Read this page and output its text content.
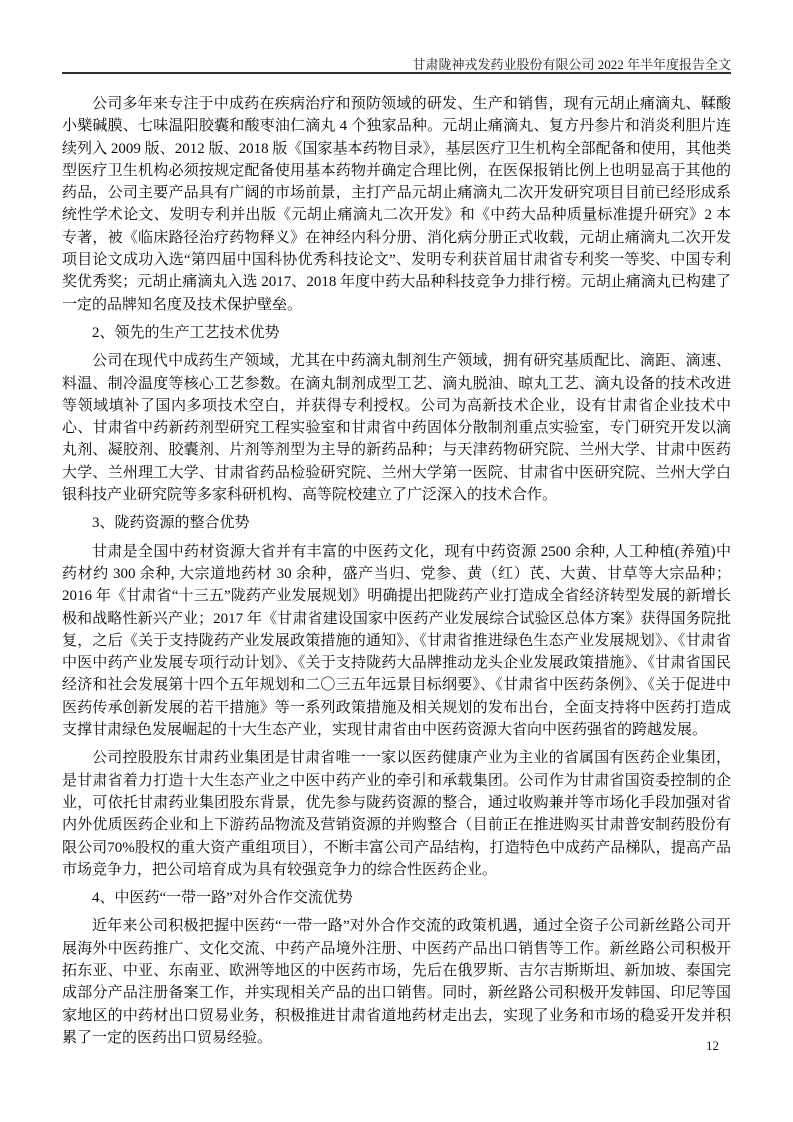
甘肃陇神戎发药业股份有限公司 2022 年半年度报告全文

公司多年来专注于中成药在疾病治疗和预防领域的研发、生产和销售，现有元胡止痛滴丸、鞣酸小檗碱膜、七味温阳胶囊和酸枣油仁滴丸 4 个独家品种。元胡止痛滴丸、复方丹参片和消炎利胆片连续列入 2009 版、2012 版、2018 版《国家基本药物目录》，基层医疗卫生机构全部配备和使用，其他类型医疗卫生机构必须按规定配备使用基本药物并确定合理比例，在医保报销比例上也明显高于其他的药品，公司主要产品具有广阔的市场前景，主打产品元胡止痛滴丸二次开发研究项目目前已经形成系统性学术论文、发明专利并出版《元胡止痛滴丸二次开发》和《中药大品种质量标准提升研究》2 本专著，被《临床路径治疗药物释义》在神经内科分册、消化病分册正式收载，元胡止痛滴丸二次开发项目论文成功入选“第四届中国科协优秀科技论文”、发明专利获首届甘肃省专利奖一等奖、中国专利奖优秀奖；元胡止痛滴丸入选 2017、2018 年度中药大品种科技竞争力排行榜。元胡止痛滴丸已构建了一定的品牌知名度及技术保护壁垒。

2、领先的生产工艺技术优势

公司在现代中成药生产领域，尤其在中药滴丸制剂生产领域，拥有研究基质配比、滴距、滴速、料温、制冷温度等核心工艺参数。在滴丸制剂成型工艺、滴丸脱油、晾丸工艺、滴丸设备的技术改进等领域填补了国内多项技术空白，并获得专利授权。公司为高新技术企业，设有甘肃省企业技术中心、甘肃省中药新药剂型研究工程实验室和甘肃省中药固体分散制剂重点实验室，专门研究开发以滴丸剂、凝胶剂、胶囊剂、片剂等剂型为主导的新药品种；与天津药物研究院、兰州大学、甘肃中医药大学、兰州理工大学、甘肃省药品检验研究院、兰州大学第一医院、甘肃省中医研究院、兰州大学白银科技产业研究院等多家科研机构、高等院校建立了广泛深入的技术合作。

3、陇药资源的整合优势

甘肃是全国中药材资源大省并有丰富的中医药文化，现有中药资源 2500 余种, 人工种植(养殖)中药材约 300 余种, 大宗道地药材 30 余种，盛产当归、党参、黄（红）芪、大黄、甘草等大宗品种；2016 年《甘肃省“十三五”陇药产业发展规划》明确提出把陇药产业打造成全省经济转型发展的新增长极和战略性新兴产业；2017 年《甘肃省建设国家中医药产业发展综合试验区总体方案》获得国务院批复，之后《关于支持陇药产业发展政策措施的通知》、《甘肃省推进绿色生态产业发展规划》、《甘肃省中医中药产业发展专项行动计划》、《关于支持陇药大品牌推动龙头企业发展政策措施》、《甘肃省国民经济和社会发展第十四个五年规划和二〇三五年远景目标纲要》、《甘肃省中医药条例》、《关于促进中医药传承创新发展的若干措施》等一系列政策措施及相关规划的发布出台，全面支持将中医药打造成支撑甘肃绿色发展崛起的十大生态产业，实现甘肃省由中医药资源大省向中医药强省的跨越发展。

公司控股股东甘肃药业集团是甘肃省唯一一家以医药健康产业为主业的省属国有医药企业集团，是甘肃省着力打造十大生态产业之中医中药产业的牵引和承载集团。公司作为甘肃省国资委控制的企业，可依托甘肃药业集团股东背景，优先参与陇药资源的整合，通过收购兼并等市场化手段加强对省内外优质医药企业和上下游药品物流及营销资源的并购整合（目前正在推进购买甘肃普安制药股份有限公司70%股权的重大资产重组项目），不断丰富公司产品结构，打造特色中成药产品梯队，提高产品市场竞争力，把公司培育成为具有较强竞争力的综合性医药企业。

4、中医药“一带一路”对外合作交流优势

近年来公司积极把握中医药“一带一路”对外合作交流的政策机遇，通过全资子公司新丝路公司开展海外中医药推广、文化交流、中药产品境外注册、中医药产品出口销售等工作。新丝路公司积极开拓东亚、中亚、东南亚、欧洲等地区的中医药市场，先后在俄罗斯、吉尔吉斯斯坦、新加坡、泰国完成部分产品注册备案工作，并实现相关产品的出口销售。同时，新丝路公司积极开发韩国、印尼等国家地区的中药材出口贸易业务，积极推进甘肃省道地药材走出去，实现了业务和市场的稳妥开发并积累了一定的医药出口贸易经验。	12
